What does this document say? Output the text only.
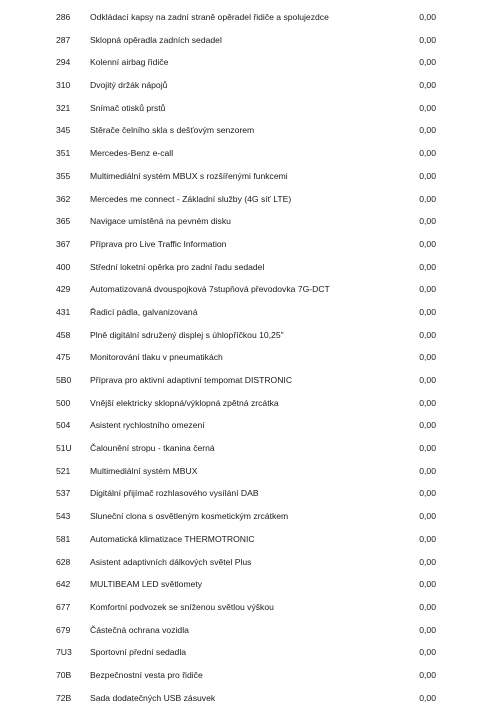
286	Odkládací kapsy na zadní straně opěradel řidiče a spolujezdce	0,00
287	Sklopná opěradla zadních sedadel	0,00
294	Kolenní airbag řidiče	0,00
310	Dvojitý držák nápojů	0,00
321	Snímač otisků prstů	0,00
345	Stěrače čelního skla s dešťovým senzorem	0,00
351	Mercedes-Benz e-call	0,00
355	Multimediální systém MBUX s rozšířenými funkcemi	0,00
362	Mercedes me connect - Základní služby (4G síť LTE)	0,00
365	Navigace umístěná na pevném disku	0,00
367	Příprava pro Live Traffic Information	0,00
400	Střední loketní opěrka pro zadní řadu sedadel	0,00
429	Automatizovaná dvouspojková 7stupňová převodovka 7G-DCT	0,00
431	Řadicí pádla, galvanizovaná	0,00
458	Plně digitální sdružený displej s úhlopříčkou 10,25"	0,00
475	Monitorování tlaku v pneumatikách	0,00
5B0	Příprava pro aktivní adaptivní tempomat DISTRONIC	0,00
500	Vnější elektricky sklopná/výklopná zpětná zrcátka	0,00
504	Asistent rychlostního omezení	0,00
51U	Čalounění stropu - tkanina černá	0,00
521	Multimediální systém MBUX	0,00
537	Digitální přijímač rozhlasového vysílání DAB	0,00
543	Sluneční clona s osvětleným kosmetickým zrcátkem	0,00
581	Automatická klimatizace THERMOTRONIC	0,00
628	Asistent adaptivních dálkových světel Plus	0,00
642	MULTIBEAM LED světlomety	0,00
677	Komfortní podvozek se sníženou světlou výškou	0,00
679	Částečná ochrana vozidla	0,00
7U3	Sportovní přední sedadla	0,00
70B	Bezpečnostní vesta pro řidiče	0,00
72B	Sada dodatečných USB zásuvek	0,00
